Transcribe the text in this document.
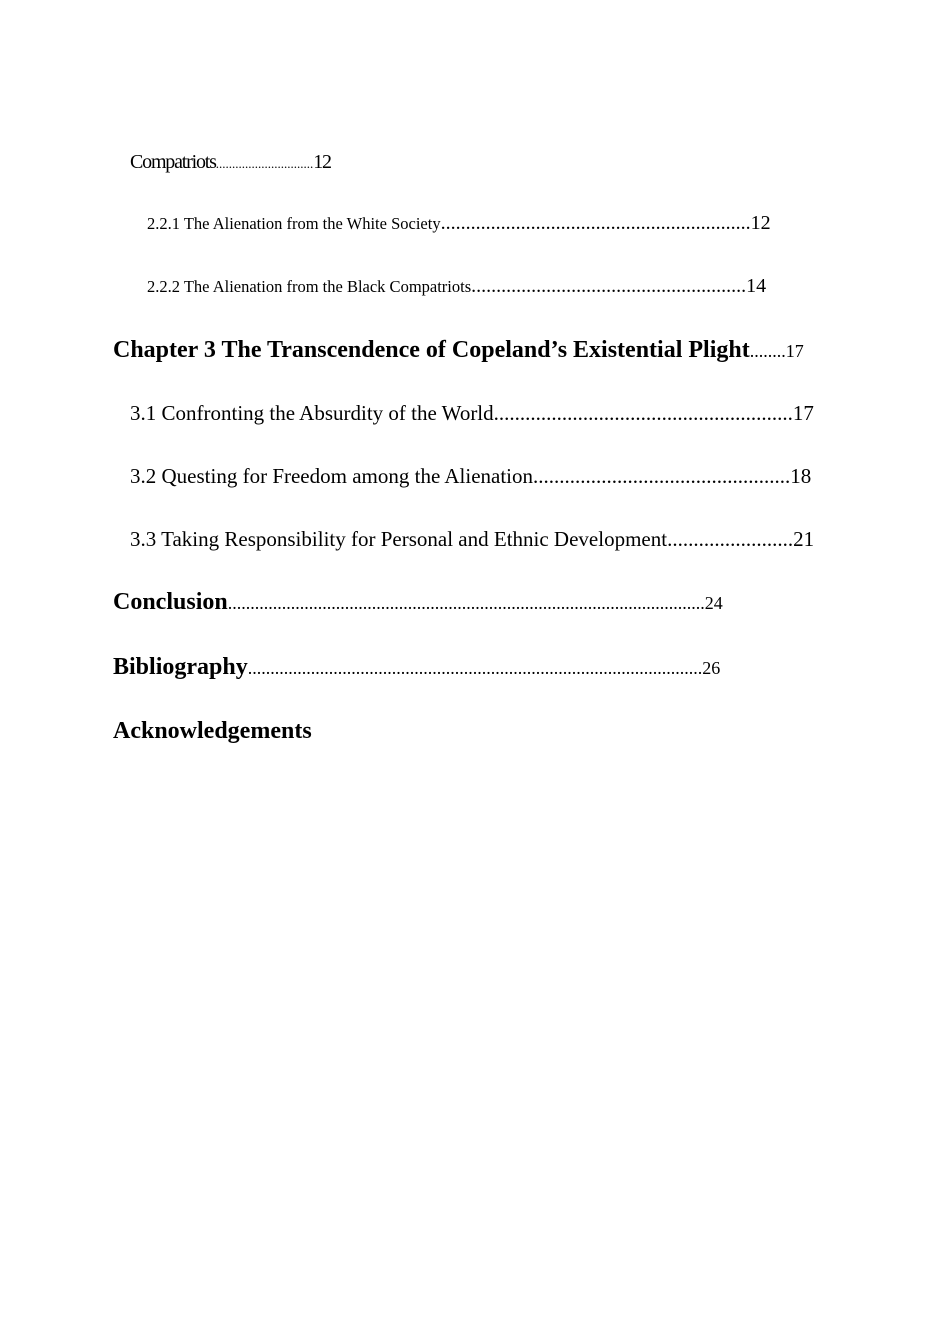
Compatriots..............................12
2.2.1 The Alienation from the White Society..............................................................12
2.2.2 The Alienation from the Black Compatriots.......................................................14
Chapter 3 The Transcendence of Copeland’s Existential Plight........17
3.1 Confronting the Absurdity of the World.........................................................17
3.2 Questing for Freedom among the Alienation.................................................18
3.3 Taking Responsibility for Personal and Ethnic Development........................21
Conclusion..........................................................................................................24
Bibliography.....................................................................................................26
Acknowledgements
